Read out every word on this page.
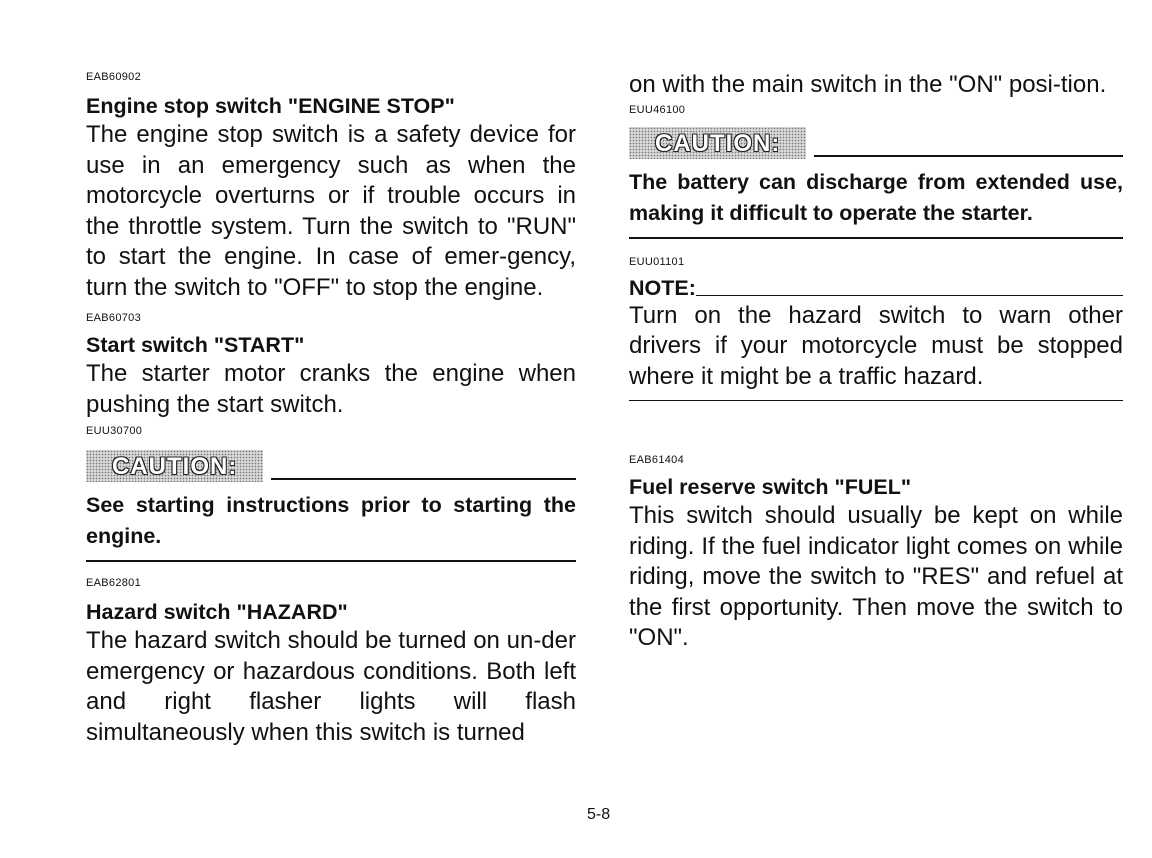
EAB60902

Engine stop switch "ENGINE STOP"

The engine stop switch is a safety device for use in an emergency such as when the motorcycle overturns or if trouble occurs in the throttle system. Turn the switch to "RUN" to start the engine. In case of emer-gency, turn the switch to "OFF" to stop the engine.

EAB60703

Start switch "START"

The starter motor cranks the engine when pushing the start switch.

EUU30700

CAUTION:

See starting instructions prior to starting the engine.

EAB62801

Hazard switch "HAZARD"

The hazard switch should be turned on un-der emergency or hazardous conditions. Both left and right flasher lights will flash simultaneously when this switch is turned

on with the main switch in the "ON" posi-tion.

EUU46100

CAUTION:

The battery can discharge from extended use, making it difficult to operate the starter.

EUU01101

NOTE:

Turn on the hazard switch to warn other drivers if your motorcycle must be stopped where it might be a traffic hazard.

EAB61404

Fuel reserve switch "FUEL"

This switch should usually be kept on while riding. If the fuel indicator light comes on while riding, move the switch to "RES" and refuel at the first opportunity. Then move the switch to "ON".

5-8
